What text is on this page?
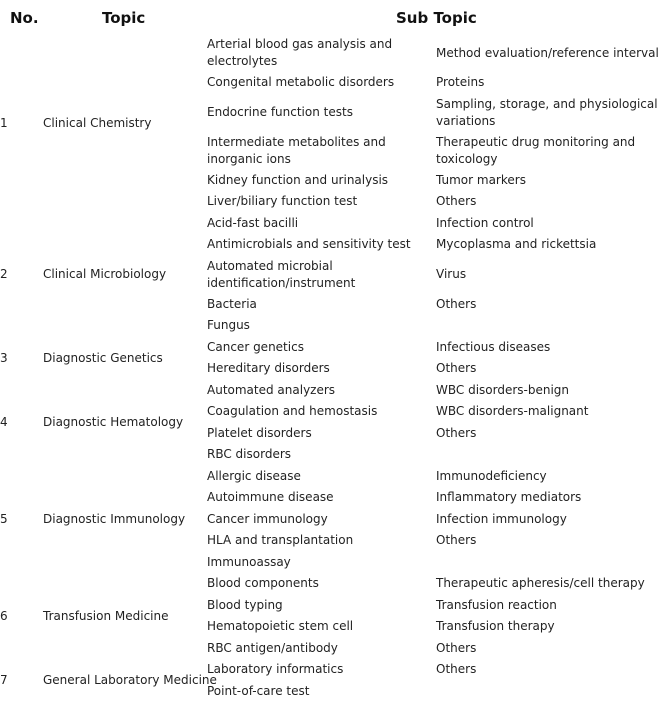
No.	Topic	Sub Topic
1	Clinical Chemistry	Arterial blood gas analysis and electrolytes	Method evaluation/reference interval
		Congenital metabolic disorders	Proteins
		Endocrine function tests	Sampling, storage, and physiological variations
		Intermediate metabolites and inorganic ions	Therapeutic drug monitoring and toxicology
		Kidney function and urinalysis	Tumor markers
		Liver/biliary function test	Others
2	Clinical Microbiology	Acid-fast bacilli	Infection control
		Antimicrobials and sensitivity test	Mycoplasma and rickettsia
		Automated microbial identification/instrument	Virus
		Bacteria	Others
		Fungus	
3	Diagnostic Genetics	Cancer genetics	Infectious diseases
		Hereditary disorders	Others
4	Diagnostic Hematology	Automated analyzers	WBC disorders-benign
		Coagulation and hemostasis	WBC disorders-malignant
		Platelet disorders	Others
		RBC disorders	
5	Diagnostic Immunology	Allergic disease	Immunodeficiency
		Autoimmune disease	Inflammatory mediators
		Cancer immunology	Infection immunology
		HLA and transplantation	Others
		Immunoassay	
6	Transfusion Medicine	Blood components	Therapeutic apheresis/cell therapy
		Blood typing	Transfusion reaction
		Hematopoietic stem cell	Transfusion therapy
		RBC antigen/antibody	Others
7	General Laboratory Medicine	Laboratory informatics	Others
		Point-of-care test	
